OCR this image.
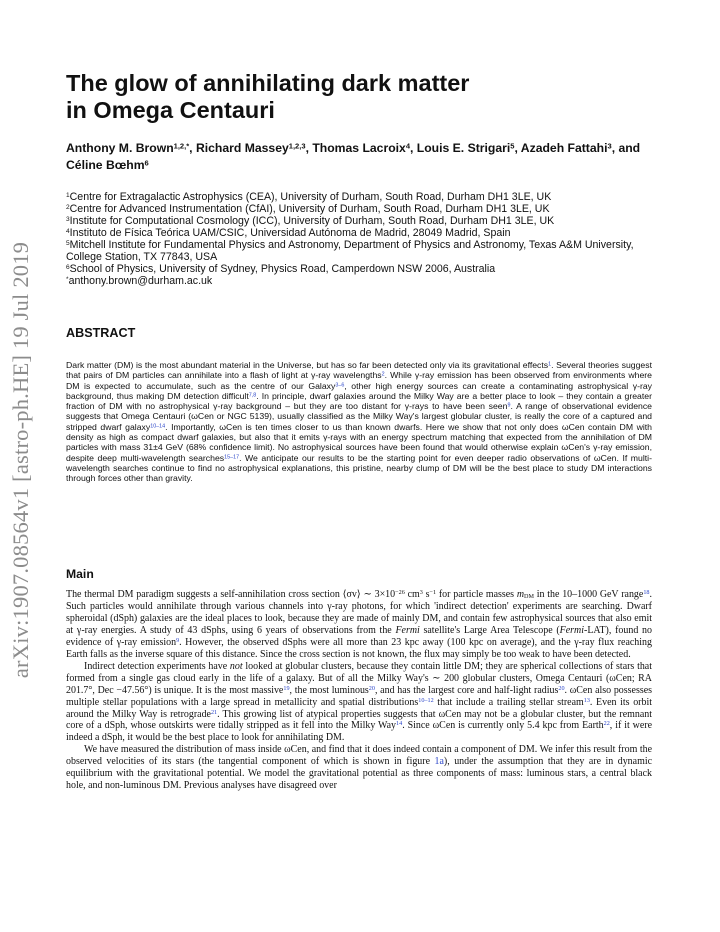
arXiv:1907.08564v1 [astro-ph.HE] 19 Jul 2019
The glow of annihilating dark matter
in Omega Centauri
Anthony M. Brown$^{1,2,*}$, Richard Massey$^{1,2,3}$, Thomas Lacroix$^4$, Louis E. Strigari$^5$, Azadeh Fattahi$^3$, and Céline Bœhm$^6$
$^1$Centre for Extragalactic Astrophysics (CEA), University of Durham, South Road, Durham DH1 3LE, UK
$^2$Centre for Advanced Instrumentation (CfAI), University of Durham, South Road, Durham DH1 3LE, UK
$^3$Institute for Computational Cosmology (ICC), University of Durham, South Road, Durham DH1 3LE, UK
$^4$Instituto de Física Teórica UAM/CSIC, Universidad Autónoma de Madrid, 28049 Madrid, Spain
$^5$Mitchell Institute for Fundamental Physics and Astronomy, Department of Physics and Astronomy, Texas A&M University, College Station, TX 77843, USA
$^6$School of Physics, University of Sydney, Physics Road, Camperdown NSW 2006, Australia
*anthony.brown@durham.ac.uk
ABSTRACT

Dark matter (DM) is the most abundant material in the Universe, but has so far been detected only via its gravitational effects$^1$. Several theories suggest that pairs of DM particles can annihilate into a flash of light at γ-ray wavelengths$^2$. While γ-ray emission has been observed from environments where DM is expected to accumulate, such as the centre of our Galaxy$^{3-6}$, other high energy sources can create a contaminating astrophysical γ-ray background, thus making DM detection difficult$^{7,8}$. In principle, dwarf galaxies around the Milky Way are a better place to look – they contain a greater fraction of DM with no astrophysical γ-ray background – but they are too distant for γ-rays to have been seen$^9$. A range of observational evidence suggests that Omega Centauri (ωCen or NGC 5139), usually classified as the Milky Way's largest globular cluster, is really the core of a captured and stripped dwarf galaxy$^{10-14}$. Importantly, ωCen is ten times closer to us than known dwarfs. Here we show that not only does ωCen contain DM with density as high as compact dwarf galaxies, but also that it emits γ-rays with an energy spectrum matching that expected from the annihilation of DM particles with mass 31±4 GeV (68% confidence limit). No astrophysical sources have been found that would otherwise explain ωCen's γ-ray emission, despite deep multi-wavelength searches$^{15-17}$. We anticipate our results to be the starting point for even deeper radio observations of ωCen. If multi-wavelength searches continue to find no astrophysical explanations, this pristine, nearby clump of DM will be the best place to study DM interactions through forces other than gravity.

Main

The thermal DM paradigm suggests a self-annihilation cross section ⟨σv⟩ ∼ $3\times 10^{-26}$ $cm^3$ $s^{-1}$ for particle masses $m_{DM}$ in the 10–1000 GeV range$^{18}$. Such particles would annihilate through various channels into γ-ray photons, for which 'indirect detection' experiments are searching. Dwarf spheroidal (dSph) galaxies are the ideal places to look, because they are made of mainly DM, and contain few astrophysical sources that also emit at γ-ray energies. A study of 43 dSphs, using 6 years of observations from the Fermi satellite's Large Area Telescope (Fermi-LAT), found no evidence of γ-ray emission$^9$. However, the observed dSphs were all more than 23 kpc away (100 kpc on average), and the γ-ray flux reaching Earth falls as the inverse square of this distance. Since the cross section is not known, the flux may simply be too weak to have been detected.

Indirect detection experiments have not looked at globular clusters, because they contain little DM; they are spherical collections of stars that formed from a single gas cloud early in the life of a galaxy. But of all the Milky Way's ∼ 200 globular clusters, Omega Centauri (ωCen; RA 201.7°, Dec −47.56°) is unique. It is the most massive$^{19}$, the most luminous$^{20}$, and has the largest core and half-light radius$^{20}$. ωCen also possesses multiple stellar populations with a large spread in metallicity and spatial distributions$^{10-12}$ that include a trailing stellar stream$^{13}$. Even its orbit around the Milky Way is retrograde$^{21}$. This growing list of atypical properties suggests that ωCen may not be a globular cluster, but the remnant core of a dSph, whose outskirts were tidally stripped as it fell into the Milky Way$^{14}$. Since ωCen is currently only 5.4 kpc from Earth$^{22}$, if it were indeed a dSph, it would be the best place to look for annihilating DM.

We have measured the distribution of mass inside ωCen, and find that it does indeed contain a component of DM. We infer this result from the observed velocities of its stars (the tangential component of which is shown in figure 1a), under the assumption that they are in dynamic equilibrium with the gravitational potential. We model the gravitational potential as three components of mass: luminous stars, a central black hole, and non-luminous DM. Previous analyses have disagreed over
